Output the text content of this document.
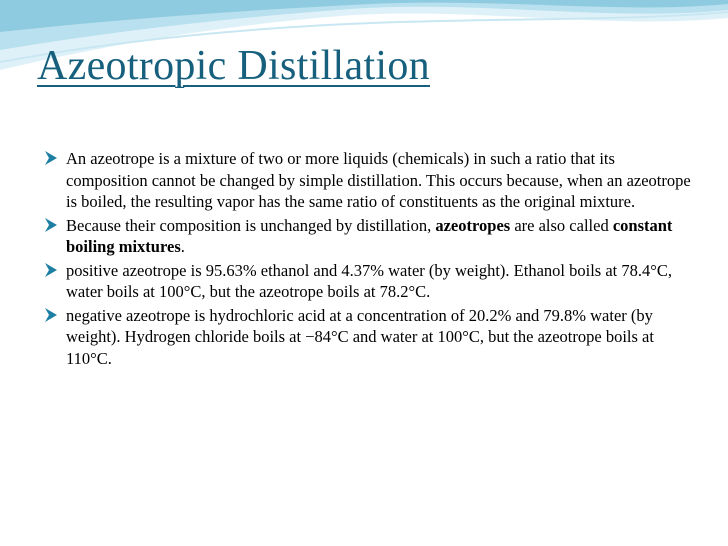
Azeotropic Distillation
An azeotrope is a mixture of two or more liquids (chemicals) in such a ratio that its composition cannot be changed by simple distillation. This occurs because, when an azeotrope is boiled, the resulting vapor has the same ratio of constituents as the original mixture.
Because their composition is unchanged by distillation, azeotropes are also called constant boiling mixtures.
positive azeotrope is 95.63% ethanol and 4.37% water (by weight). Ethanol boils at 78.4°C, water boils at 100°C, but the azeotrope boils at 78.2°C.
negative azeotrope is hydrochloric acid at a concentration of 20.2% and 79.8% water (by weight). Hydrogen chloride boils at −84°C and water at 100°C, but the azeotrope boils at 110°C.
